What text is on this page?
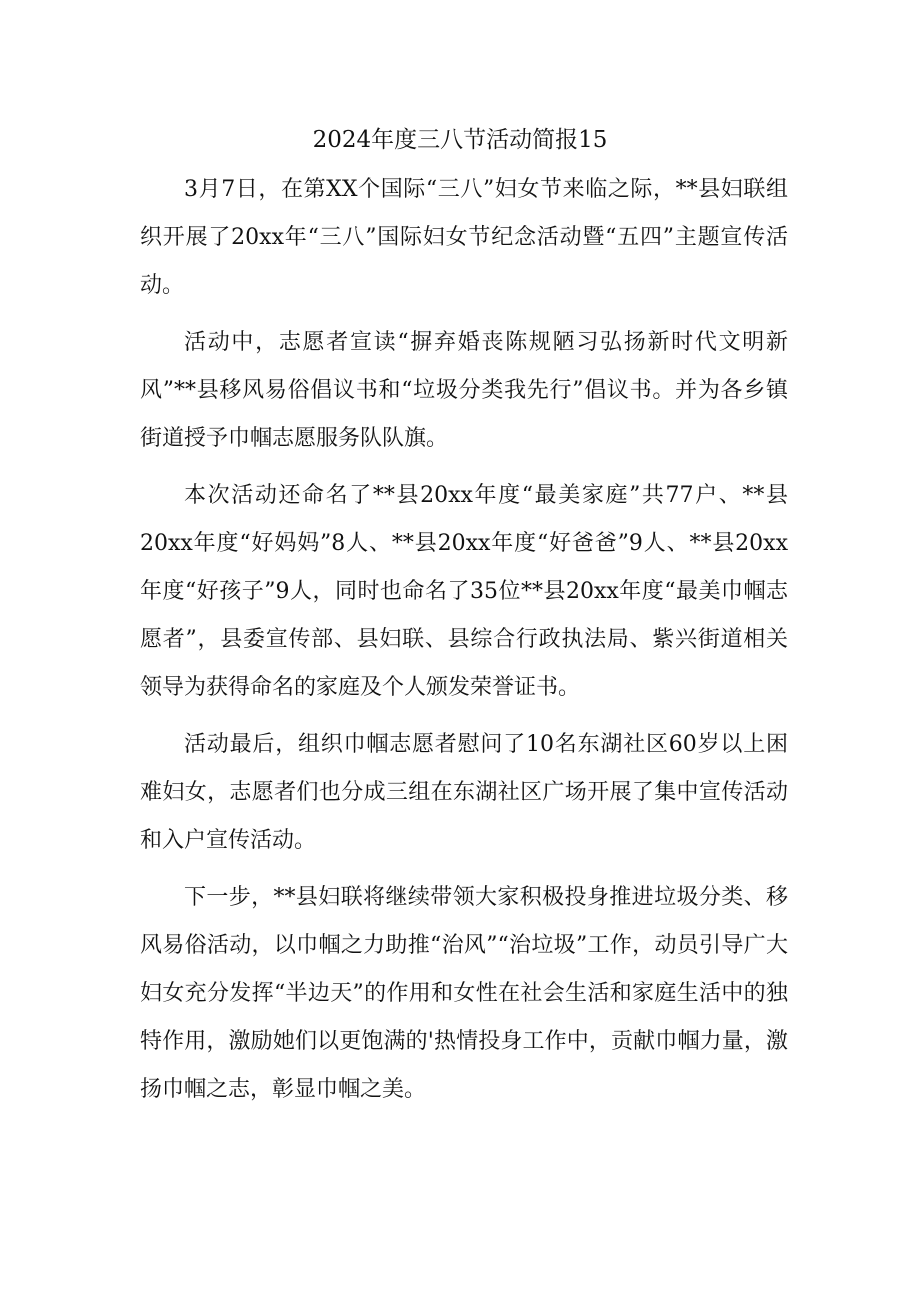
2024年度三八节活动简报15

3月7日，在第XX个国际“三八”妇女节来临之际，**县妇联组织开展了20xx年“三八”国际妇女节纪念活动暨“五四”主题宣传活动。

活动中，志愿者宣读“摒弃婚丧陈规陋习弘扬新时代文明新风”**县移风易俗倡议书和“垃圾分类我先行”倡议书。并为各乡镇街道授予巾帼志愿服务队队旗。

本次活动还命名了**县20xx年度“最美家庭”共77户、**县20xx年度“好妈妈”8人、**县20xx年度“好爸爸”9人、**县20xx年度“好孩子”9人，同时也命名了35位**县20xx年度“最美巾帼志愿者”，县委宣传部、县妇联、县综合行政执法局、紫兴街道相关领导为获得命名的家庭及个人颁发荣誉证书。

活动最后，组织巾帼志愿者慰问了10名东湖社区60岁以上困难妇女，志愿者们也分成三组在东湖社区广场开展了集中宣传活动和入户宣传活动。

下一步，**县妇联将继续带领大家积极投身推进垃圾分类、移风易俗活动，以巾帼之力助推“治风”“治垃圾”工作，动员引导广大妇女充分发挥“半边天”的作用和女性在社会生活和家庭生活中的独特作用，激励她们以更饱满的'热情投身工作中，贡献巾帼力量，激扬巾帼之志，彰显巾帼之美。
